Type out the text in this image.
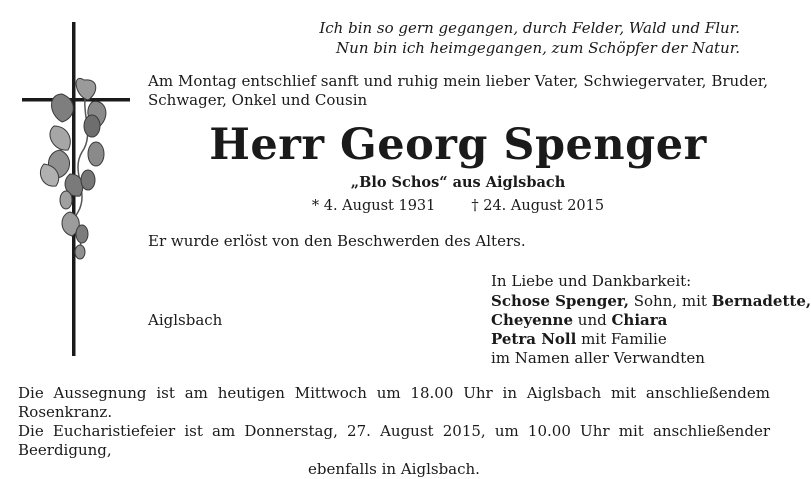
Ich bin so gern gegangen, durch Felder, Wald und Flur.
Nun bin ich heimgegangen, zum Schöpfer der Natur.
Am Montag entschlief sanft und ruhig mein lieber Vater, Schwiegervater, Bruder, Schwager, Onkel und Cousin
Herr Georg Spenger
„Blo Schos“ aus Aiglsbach
* 4. August 1931 † 24. August 2015
Er wurde erlöst von den Beschwerden des Alters.
In Liebe und Dankbarkeit:
Aiglsbach
Schose Spenger, Sohn, mit Bernadette,
Cheyenne und Chiara
Petra Noll mit Familie
im Namen aller Verwandten
Die Aussegnung ist am heutigen Mittwoch um 18.00 Uhr in Aiglsbach mit anschließendem Rosenkranz.
Die Eucharistiefeier ist am Donnerstag, 27. August 2015, um 10.00 Uhr mit anschließender Beerdigung,
ebenfalls in Aiglsbach.
